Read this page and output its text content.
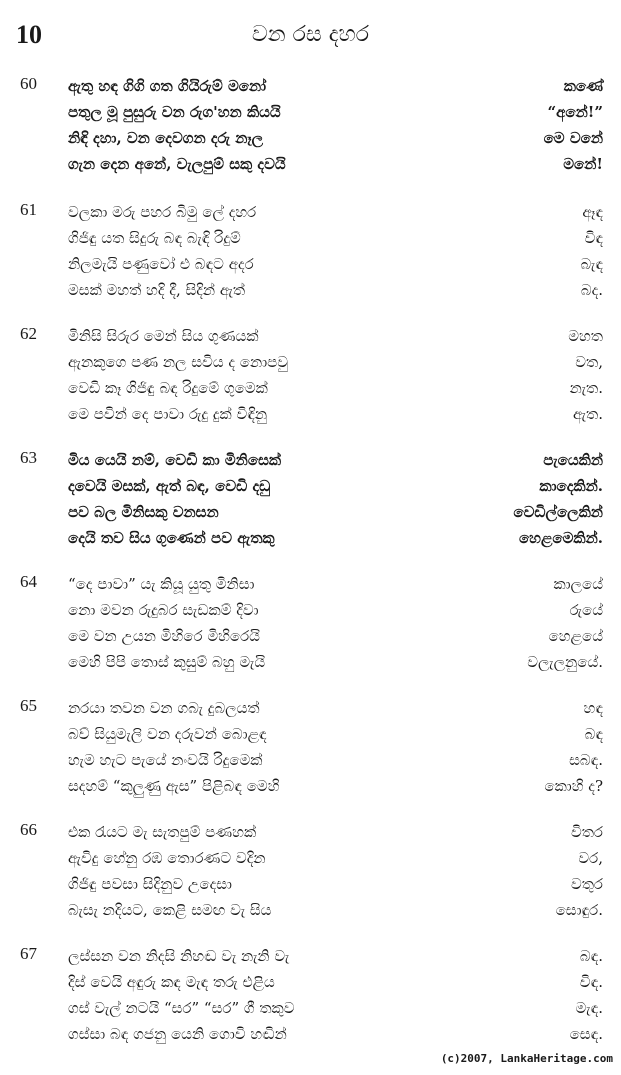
10	වන රස දහර
60	ඇතු හඳ ගිගි ගත ගියිරුම් මනෝ	කණේ
පතුල මූ පුසුරු වන රුග'හන කියයි	“අනේ!”
නිඳි දහා, වන දෙවගන දරු නෑල	මෙ වනේ
ගැන දෙන අනේ, වැලපුම් සකු දවයි	මනේ!
61	වලකා මරු පහර බිමු ලේ දහර	ඈඳ
ගිජිඳු යත සිදුරු බඳ බැඳි රිදුම්	විඳ
නිලමැයි පණුවෝ එ බඳට අදර	බැඳ
මසක් මහත් හදි දී, සිදින් ඇත්	බද.
62	මිනිසි සිරුර මෙන් සිය ගුණයක්	මහත
ඇනකුගෙ පණ නල සවිය ද නොපවු	වත,
වෙඩි කෑ ගිජිඳු බඳ රිදුමේ ගුමෙක්	නැත.
මෙ පවින් දෙ පාවා රුදු දුක් විඳිනු	ඇත.
63	මිය යෙයි නම්, වෙඩි කා මිනිසෙක්	පැයෙකින්
දවෙයි මසක්, ඇත් බඳ, වෙඩි දඩු	කාදෙකින්.
පව බල මිනිසකු වනසන	වෙඩිල්ලෙකින්
දෙයි තව සිය ගුණෙන් පව ඇතකු	හෙළමෙකින්.
64	“දෙ පාවා” යැ කියූ යුතු මිනිසා	කාලයේ
නො මවන රුදුබර සැඩකම් දිවා	රුයේ
මෙ වන උයන මිහිරෙ මිහිරෙයි	හෙළයේ
මෙහි පිපි තොස් කුසුම් බහු මැයි	වලැලනුයේ.
65	නරයා තවන වන ගබැ දුබලයත්	හඳ
බව් සියුමැලි වන දරුවන් බොළඳ	බඳ
හැම හැට පැයේ නංවයි රිදුමෙක්	සබඳ.
සදහම් “කුලුණු ඇස” පිළිබඳ මෙහි	කොහි ද?
66	එක රැයට මැ සැතපුම් පණහක්	විතර
ඇවිදු හේනු රඹ තොරණට වදින	වර,
ගිජිඳු පවසා සිදිනුව උදෙසා	වතුර
බැසැ නදියට, කෙළි සමඟ වැ සිය	සොඳුර.
67	ලස්සන වන නිදසි නිහඬ වැ නැනි වැ	බඳ.
දිස් වෙයි අඳුරු කඳ මැඳ තරු එළිය	විඳ.
ගස් වැල් නටයි “සර” “සර” ගී තකුව	මැඳ.
ගස්සා බඳ ගජනු යෙනි ගොවි හඬින්	සෙඳ.
(c)2007, LankaHeritage.com
